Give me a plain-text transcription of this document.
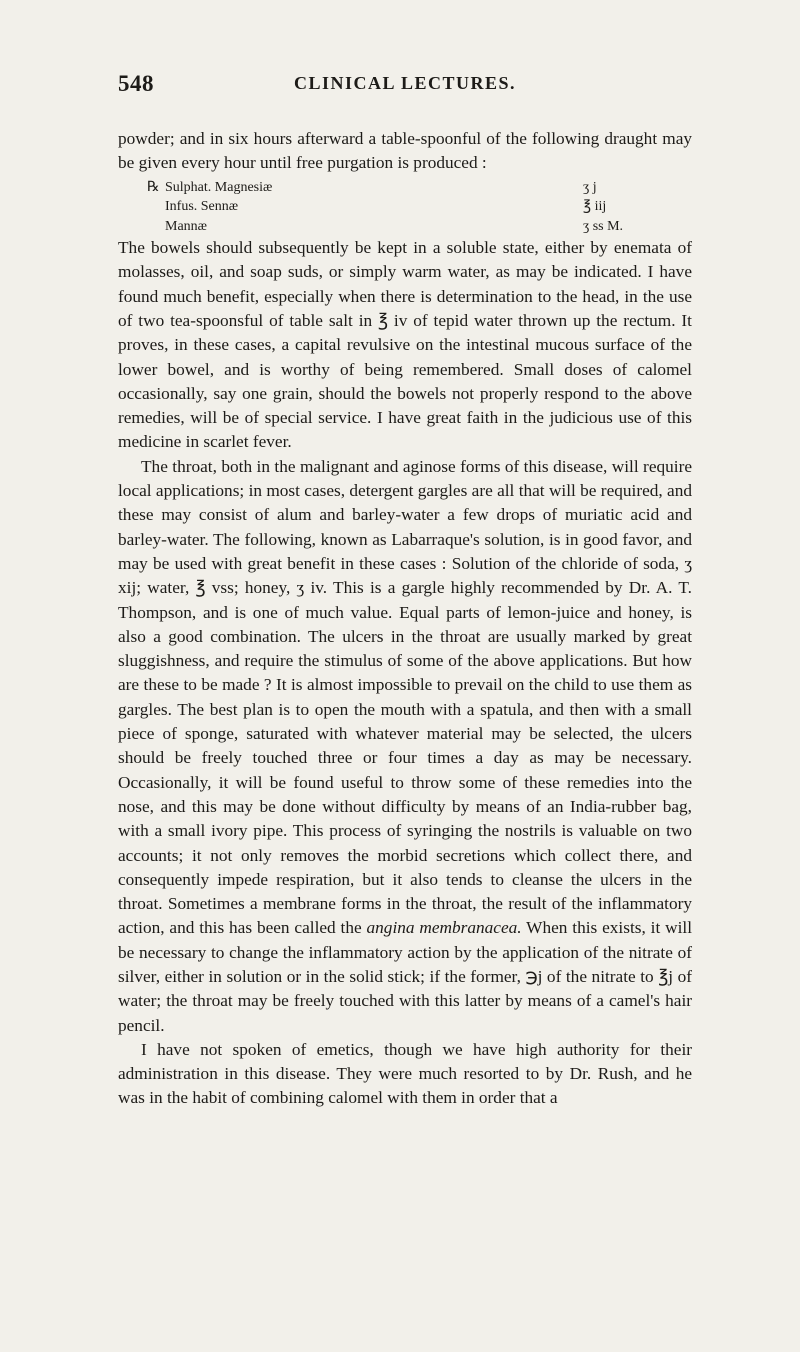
548	CLINICAL LECTURES.

powder; and in six hours afterward a table-spoonful of the following draught may be given every hour until free purgation is produced :

℞ Sulphat. Magnesiæ	ʒ j
Infus. Sennæ	℥ iij
Mannæ	ʒ ss M.

The bowels should subsequently be kept in a soluble state, either by enemata of molasses, oil, and soap suds, or simply warm water, as may be indicated. I have found much benefit, especially when there is determination to the head, in the use of two tea-spoonsful of table salt in ℥ iv of tepid water thrown up the rectum. It proves, in these cases, a capital revulsive on the intestinal mucous surface of the lower bowel, and is worthy of being remembered. Small doses of calomel occasionally, say one grain, should the bowels not properly respond to the above remedies, will be of special service. I have great faith in the judicious use of this medicine in scarlet fever.

The throat, both in the malignant and aginose forms of this disease, will require local applications; in most cases, detergent gargles are all that will be required, and these may consist of alum and barley-water a few drops of muriatic acid and barley-water. The following, known as Labarraque's solution, is in good favor, and may be used with great benefit in these cases : Solution of the chloride of soda, ʒ xij; water, ℥ vss; honey, ʒ iv. This is a gargle highly recommended by Dr. A. T. Thompson, and is one of much value. Equal parts of lemon-juice and honey, is also a good combination. The ulcers in the throat are usually marked by great sluggishness, and require the stimulus of some of the above applications. But how are these to be made ? It is almost impossible to prevail on the child to use them as gargles. The best plan is to open the mouth with a spatula, and then with a small piece of sponge, saturated with whatever material may be selected, the ulcers should be freely touched three or four times a day as may be necessary. Occasionally, it will be found useful to throw some of these remedies into the nose, and this may be done without difficulty by means of an India-rubber bag, with a small ivory pipe. This process of syringing the nostrils is valuable on two accounts; it not only removes the morbid secretions which collect there, and consequently impede respiration, but it also tends to cleanse the ulcers in the throat. Sometimes a membrane forms in the throat, the result of the inflammatory action, and this has been called the angina membranacea. When this exists, it will be necessary to change the inflammatory action by the application of the nitrate of silver, either in solution or in the solid stick; if the former, ℈j of the nitrate to ℥j of water; the throat may be freely touched with this latter by means of a camel's hair pencil.

I have not spoken of emetics, though we have high authority for their administration in this disease. They were much resorted to by Dr. Rush, and he was in the habit of combining calomel with them in order that a
